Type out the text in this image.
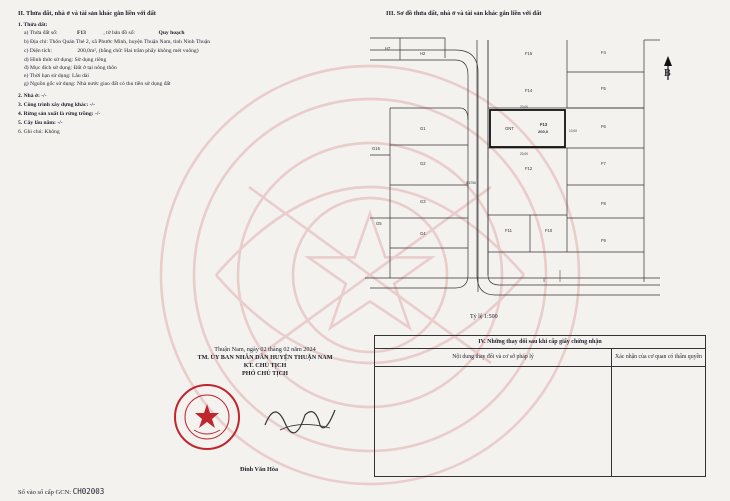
II. Thửa đất, nhà ở và tài sản khác gắn liền với đất
1. Thửa đất:
a) Thửa đất số:	F13	, tờ bản đồ số:	Quy hoạch
b) Địa chỉ: Thôn Quán Thẻ 2, xã Phước Minh, huyện Thuận Nam, tỉnh Ninh Thuận
c) Diện tích:	200,0m², (bằng chữ: Hai trăm phẩy không mét vuông)
d) Hình thức sử dụng: Sử dụng riêng
đ) Mục đích sử dụng: Đất ở tại nông thôn
e) Thời hạn sử dụng: Lâu dài
g) Nguồn gốc sử dụng: Nhà nước giao đất có thu tiền sử dụng đất
2. Nhà ở: -/-
3. Công trình xây dựng khác: -/-
4. Rừng sản xuất là rừng trồng: -/-
5. Cây lâu năm: -/-
6. Ghi chú: Không
III. Sơ đồ thửa đất, nhà ở và tài sản khác gắn liền với đất
H7
H2
G1
G2
G3
G4
G5
G15
F15
F14
F12
F11	F10
F9
F8
F7
F6
F5
F4
20,00
20,00
10,00
8,5756
ONT
F13
200,0
B
Tỷ lệ 1:500
Thuận Nam, ngày 02 tháng 02 năm 2024
TM. ỦY BAN NHÂN DÂN HUYỆN THUẬN NAM
KT. CHỦ TỊCH
PHÓ CHỦ TỊCH
Đinh Văn Hòa
Số vào sổ cấp GCN: CH02003
IV. Những thay đổi sau khi cấp giấy chứng nhận
Nội dung thay đổi và cơ sở pháp lý	Xác nhận của cơ quan có thẩm quyền
